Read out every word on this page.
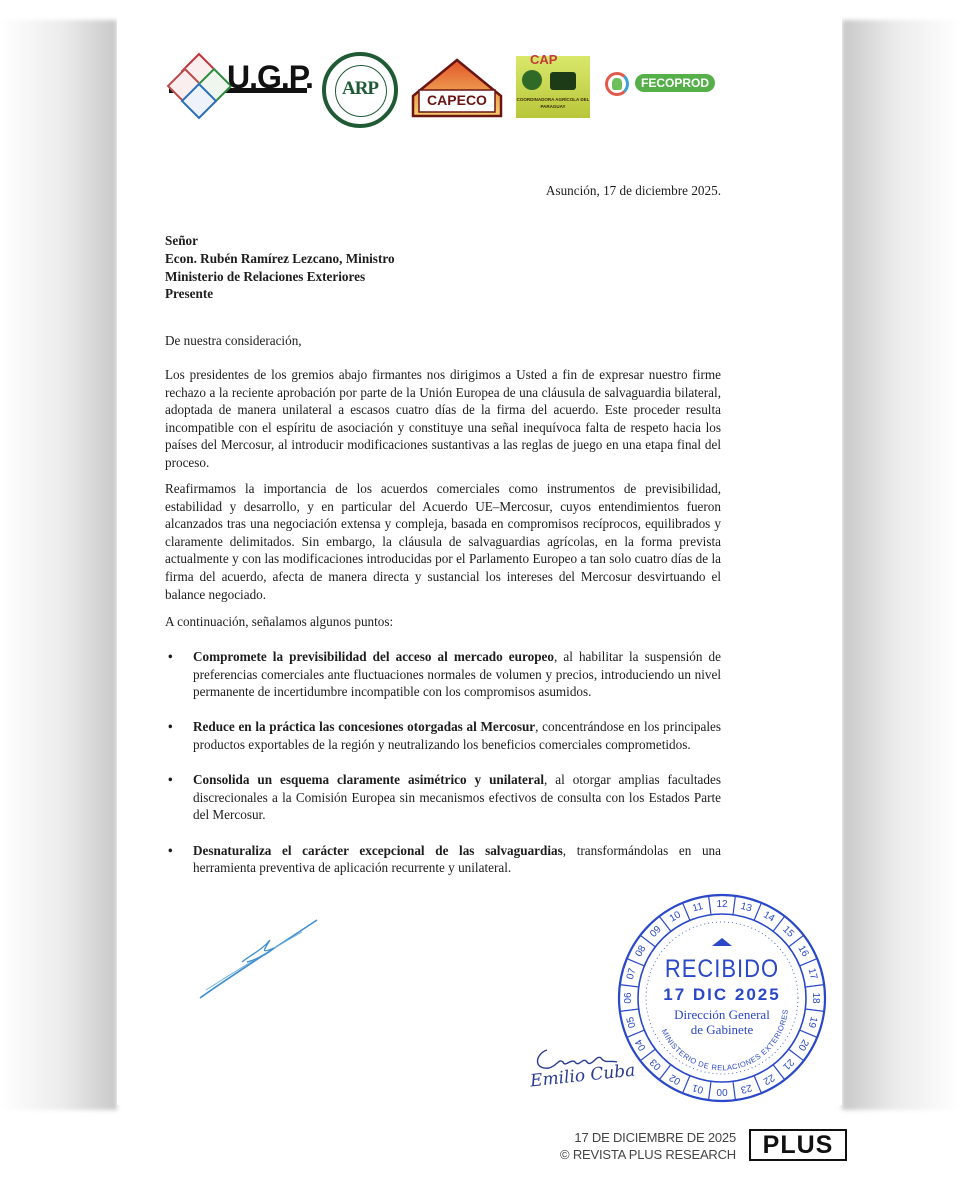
U.G.P.	ARP
CAPECO
CAP
COORDINADORA AGRÍCOLA DEL PARAGUAY
FECOPROD
Asunción, 17 de diciembre 2025.
Señor
Econ. Rubén Ramírez Lezcano, Ministro
Ministerio de Relaciones Exteriores
Presente
De nuestra consideración,
Los presidentes de los gremios abajo firmantes nos dirigimos a Usted a fin de expresar nuestro firme rechazo a la reciente aprobación por parte de la Unión Europea de una cláusula de salvaguardia bilateral, adoptada de manera unilateral a escasos cuatro días de la firma del acuerdo. Este proceder resulta incompatible con el espíritu de asociación y constituye una señal inequívoca falta de respeto hacia los países del Mercosur, al introducir modificaciones sustantivas a las reglas de juego en una etapa final del proceso.
Reafirmamos la importancia de los acuerdos comerciales como instrumentos de previsibilidad, estabilidad y desarrollo, y en particular del Acuerdo UE–Mercosur, cuyos entendimientos fueron alcanzados tras una negociación extensa y compleja, basada en compromisos recíprocos, equilibrados y claramente delimitados. Sin embargo, la cláusula de salvaguardias agrícolas, en la forma prevista actualmente y con las modificaciones introducidas por el Parlamento Europeo a tan solo cuatro días de la firma del acuerdo, afecta de manera directa y sustancial los intereses del Mercosur desvirtuando el balance negociado.
A continuación, señalamos algunos puntos:
• Compromete la previsibilidad del acceso al mercado europeo, al habilitar la suspensión de preferencias comerciales ante fluctuaciones normales de volumen y precios, introduciendo un nivel permanente de incertidumbre incompatible con los compromisos asumidos.
• Reduce en la práctica las concesiones otorgadas al Mercosur, concentrándose en los principales productos exportables de la región y neutralizando los beneficios comerciales comprometidos.
• Consolida un esquema claramente asimétrico y unilateral, al otorgar amplias facultades discrecionales a la Comisión Europea sin mecanismos efectivos de consulta con los Estados Parte del Mercosur.
• Desnaturaliza el carácter excepcional de las salvaguardias, transformándolas en una herramienta preventiva de aplicación recurrente y unilateral.
Emilio Cuba	01
02
03
04
05
06
07
08
09
10
11 12 13
14
15
16
17
18
19
20
21
22
23
00
MINISTERIO DE RELACIONES EXTERIORES
RECIBIDO
17 DIC 2025
Dirección General
de Gabinete
17 DE DICIEMBRE DE 2025
© REVISTA PLUS RESEARCH	PLUS
